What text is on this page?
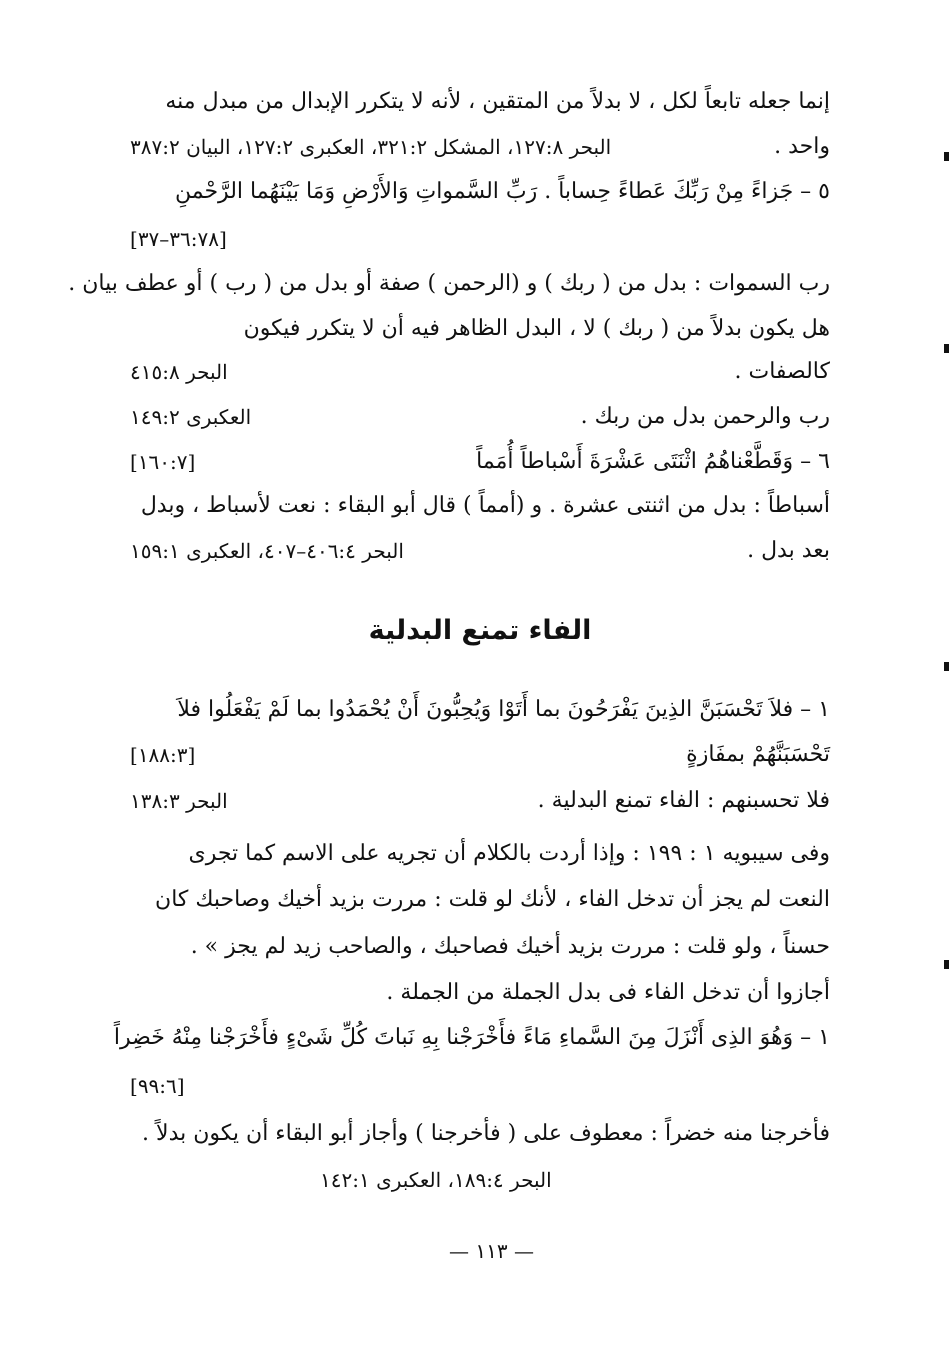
إنما جعله تابعاً لكل ، لا بدلاً من المتقين ، لأنه لا يتكرر الإبدال من مبدل منه
واحد .
البحر ١٢٧:٨، المشكل ٣٢١:٢، العكبرى ١٢٧:٢، البيان ٣٨٧:٢
٥ – جَزاءً مِنْ رَبِّكَ عَطاءً حِساباً . رَبِّ السَّمواتِ وَالأَرْضِ وَمَا بَيْنَهُما الرَّحْمنِ
[٣٦:٧٨–٣٧]
رب السموات : بدل من ( ربك ) و (الرحمن ) صفة أو بدل من ( رب ) أو عطف بيان .
هل يكون بدلاً من ( ربك ) لا ، البدل الظاهر فيه أن لا يتكرر فيكون
كالصفات .
البحر ٤١٥:٨
رب والرحمن بدل من ربك .
العكبرى ١٤٩:٢
٦ – وَقَطَّعْناهُمُ اثْنَتَى عَشْرَةَ أَسْباطاً أُمَماً
[١٦٠:٧]
أسباطاً : بدل من اثنتى عشرة . و (أمماً ) قال أبو البقاء : نعت لأسباط ، وبدل
بعد بدل .
البحر ٤٠٦:٤–٤٠٧، العكبرى ١٥٩:١
الفاء تمنع البدلية
١ – فلاَ تَحْسَبَنَّ الذِينَ يَفْرَحُونَ بما أَتَوْا وَيُحِبُّونَ أَنْ يُحْمَدُوا بما لَمْ يَفْعَلُوا فلاَ
تَحْسَبَنَّهُمْ بمفَازةٍ
[١٨٨:٣]
فلا تحسبنهم : الفاء تمنع البدلية .
البحر ١٣٨:٣
وفى سيبويه ١ : ١٩٩ : وإذا أردت بالكلام أن تجريه على الاسم كما تجرى
النعت لم يجز أن تدخل الفاء ، لأنك لو قلت : مررت بزيد أخيك وصاحبك كان
حسناً ، ولو قلت : مررت بزيد أخيك فصاحبك ، والصاحب زيد لم يجز » .
أجازوا أن تدخل الفاء فى بدل الجملة من الجملة .
١ – وَهُوَ الذِى أَنْزَلَ مِنَ السَّماءِ مَاءً فأَخْرَجْنا بِهِ نَباتَ كُلِّ شَىْءٍ فأَخْرَجْنا مِنْهُ خَضِراً
[٩٩:٦]
فأخرجنا منه خضراً : معطوف على ( فأخرجنا ) وأجاز أبو البقاء أن يكون بدلاً .
البحر ١٨٩:٤، العكبرى ١٤٢:١
— ١١٣ —
